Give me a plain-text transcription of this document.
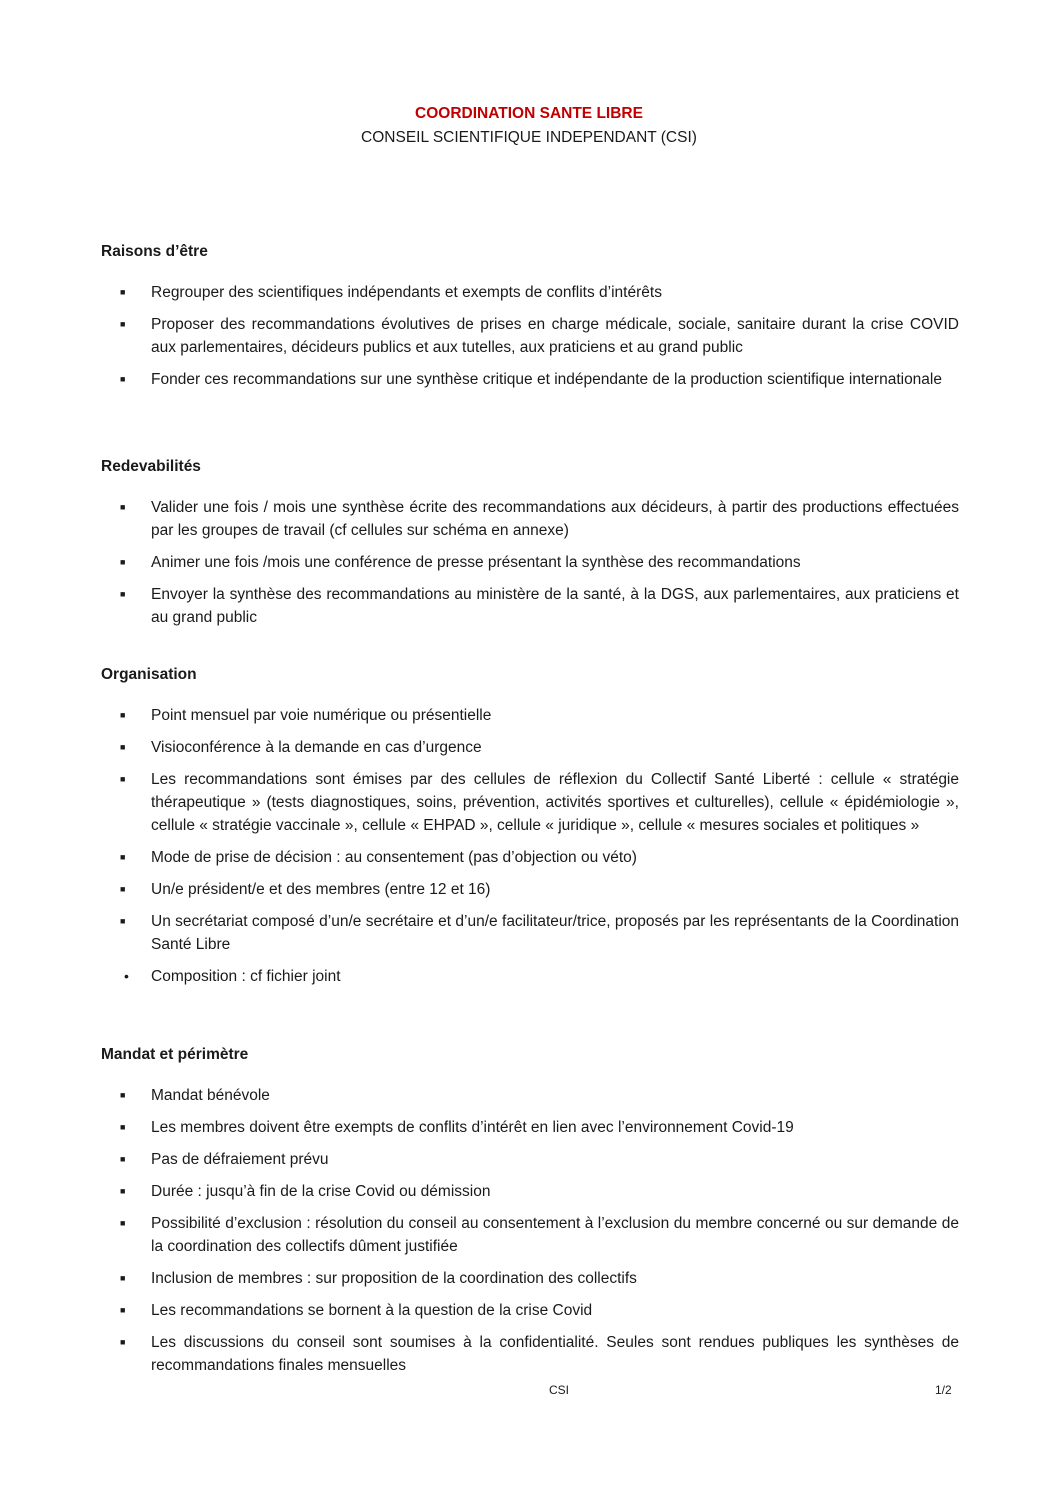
COORDINATION SANTE LIBRE
CONSEIL SCIENTIFIQUE INDEPENDANT (CSI)
Raisons d’être
■ Regrouper des scientifiques indépendants et exempts de conflits d’intérêts
■ Proposer des recommandations évolutives de prises en charge médicale, sociale, sanitaire durant la crise COVID aux parlementaires, décideurs publics et aux tutelles, aux praticiens et au grand public
■ Fonder ces recommandations sur une synthèse critique et indépendante de la production scientifique internationale
Redevabilités
■ Valider une fois / mois une synthèse écrite des recommandations aux décideurs, à partir des productions effectuées par les groupes de travail (cf cellules sur schéma en annexe)
■ Animer une fois /mois une conférence de presse présentant la synthèse des recommandations
■ Envoyer la synthèse des recommandations au ministère de la santé, à la DGS, aux parlementaires, aux praticiens et au grand public
Organisation
■ Point mensuel par voie numérique ou présentielle
■ Visioconférence à la demande en cas d’urgence
■ Les recommandations sont émises par des cellules de réflexion du Collectif Santé Liberté : cellule « stratégie thérapeutique » (tests diagnostiques, soins, prévention, activités sportives et culturelles), cellule « épidémiologie », cellule « stratégie vaccinale », cellule « EHPAD », cellule « juridique », cellule « mesures sociales et politiques »
■ Mode de prise de décision : au consentement (pas d’objection ou véto)
■ Un/e président/e et des membres (entre 12 et 16)
■ Un secrétariat composé d’un/e secrétaire et d’un/e facilitateur/trice, proposés par les représentants de la Coordination Santé Libre
• Composition : cf fichier joint
Mandat et périmètre
■ Mandat bénévole
■ Les membres doivent être exempts de conflits d’intérêt en lien avec l’environnement Covid-19
■ Pas de défraiement prévu
■ Durée : jusqu’à fin de la crise Covid ou démission
■ Possibilité d’exclusion : résolution du conseil au consentement à l’exclusion du membre concerné ou sur demande de la coordination des collectifs dûment justifiée
■ Inclusion de membres : sur proposition de la coordination des collectifs
■ Les recommandations se bornent à la question de la crise Covid
■ Les discussions du conseil sont soumises à la confidentialité. Seules sont rendues publiques les synthèses de recommandations finales mensuelles
CSI	1/2
